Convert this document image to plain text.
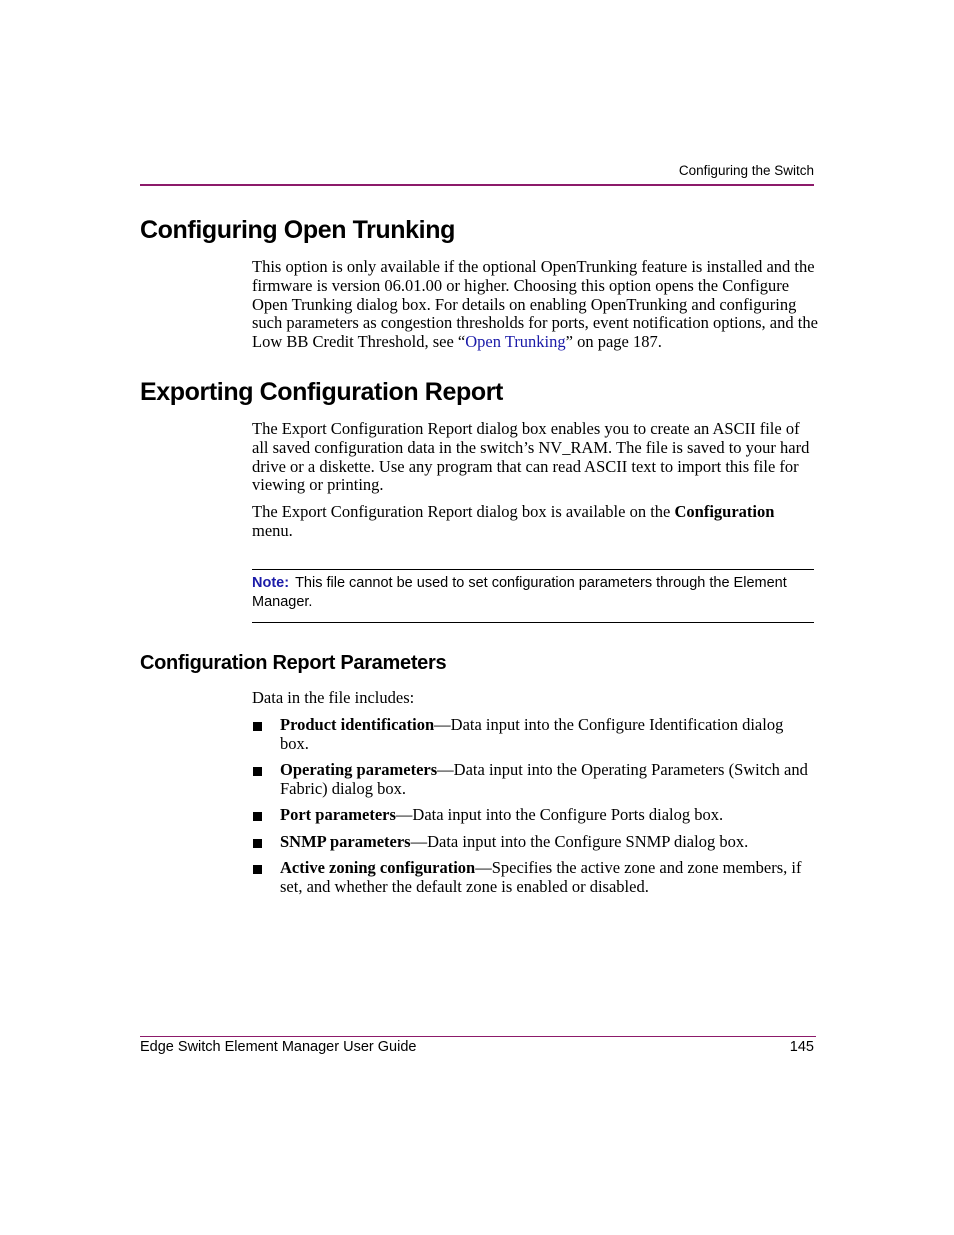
Configuring the Switch
Configuring Open Trunking

This option is only available if the optional OpenTrunking feature is installed and the firmware is version 06.01.00 or higher. Choosing this option opens the Configure Open Trunking dialog box. For details on enabling OpenTrunking and configuring such parameters as congestion thresholds for ports, event notification options, and the Low BB Credit Threshold, see “Open Trunking” on page 187.

Exporting Configuration Report

The Export Configuration Report dialog box enables you to create an ASCII file of all saved configuration data in the switch’s NV_RAM. The file is saved to your hard drive or a diskette. Use any program that can read ASCII text to import this file for viewing or printing.

The Export Configuration Report dialog box is available on the Configuration menu.

Note: This file cannot be used to set configuration parameters through the Element Manager.
Configuration Report Parameters

Data in the file includes:

Product identification—Data input into the Configure Identification dialog box.
Operating parameters—Data input into the Operating Parameters (Switch and Fabric) dialog box.
Port parameters—Data input into the Configure Ports dialog box.
SNMP parameters—Data input into the Configure SNMP dialog box.
Active zoning configuration—Specifies the active zone and zone members, if set, and whether the default zone is enabled or disabled.
Edge Switch Element Manager User Guide	145
